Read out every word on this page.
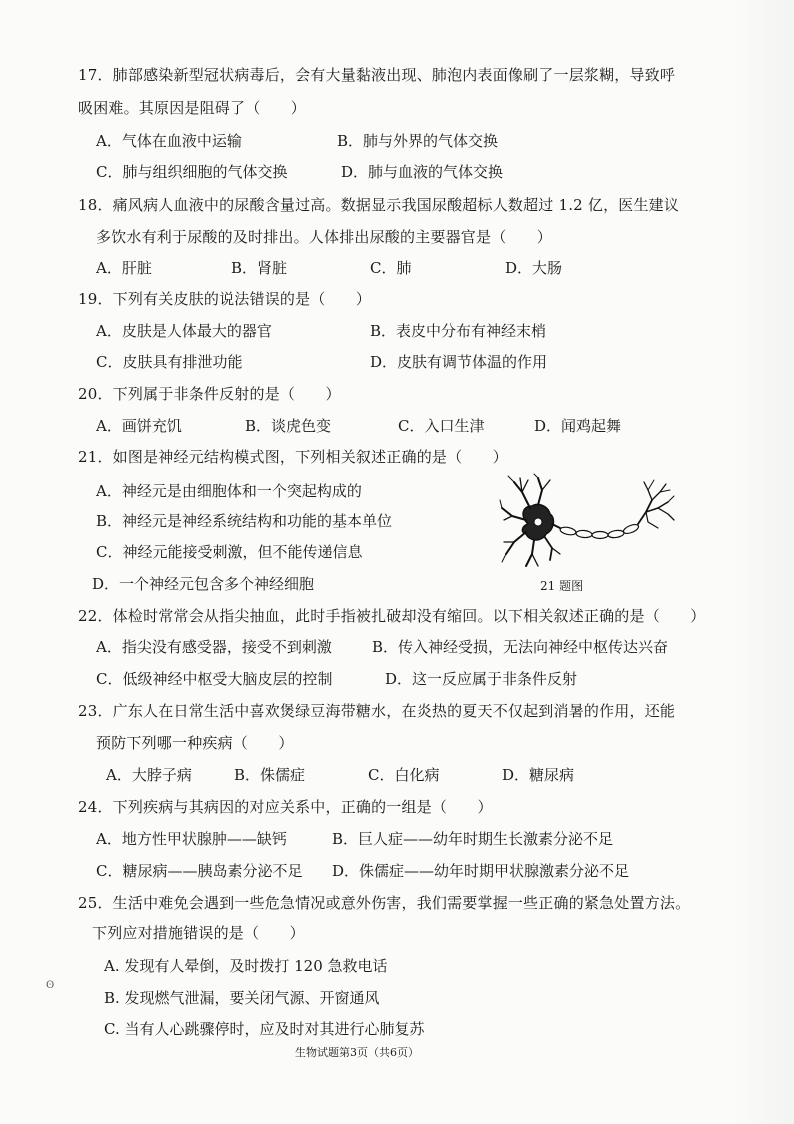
17．肺部感染新型冠状病毒后，会有大量黏液出现、肺泡内表面像刷了一层浆糊，导致呼
吸困难。其原因是阻碍了（　　）
A．气体在血液中运输	B．肺与外界的气体交换
C．肺与组织细胞的气体交换	D．肺与血液的气体交换
18．痛风病人血液中的尿酸含量过高。数据显示我国尿酸超标人数超过 1.2 亿，医生建议
多饮水有利于尿酸的及时排出。人体排出尿酸的主要器官是（　　）
A．肝脏	B．肾脏	C．肺	D．大肠
19．下列有关皮肤的说法错误的是（　　）
A．皮肤是人体最大的器官	B．表皮中分布有神经末梢
C．皮肤具有排泄功能	D．皮肤有调节体温的作用
20．下列属于非条件反射的是（　　）
A．画饼充饥	B．谈虎色变	C．入口生津	D．闻鸡起舞
21．如图是神经元结构模式图，下列相关叙述正确的是（　　）
A．神经元是由细胞体和一个突起构成的
B．神经元是神经系统结构和功能的基本单位
C．神经元能接受刺激，但不能传递信息
D．一个神经元包含多个神经细胞	21 题图
22．体检时常常会从指尖抽血，此时手指被扎破却没有缩回。以下相关叙述正确的是（　　）
A．指尖没有感受器，接受不到刺激	B．传入神经受损，无法向神经中枢传达兴奋
C．低级神经中枢受大脑皮层的控制	D．这一反应属于非条件反射
23．广东人在日常生活中喜欢煲绿豆海带糖水，在炎热的夏天不仅起到消暑的作用，还能
预防下列哪一种疾病（　　）
A．大脖子病	B．侏儒症	C．白化病	D．糖尿病
24．下列疾病与其病因的对应关系中，正确的一组是（　　）
A．地方性甲状腺肿——缺钙	B．巨人症——幼年时期生长激素分泌不足
C．糖尿病——胰岛素分泌不足 D．侏儒症——幼年时期甲状腺激素分泌不足
25．生活中难免会遇到一些危急情况或意外伤害，我们需要掌握一些正确的紧急处置方法。
下列应对措施错误的是（　　）
A. 发现有人晕倒，及时拨打 120 急救电话
B. 发现燃气泄漏，要关闭气源、开窗通风
C. 当有人心跳骤停时，应及时对其进行心肺复苏
ʘ
生物试题第3页（共6页）
